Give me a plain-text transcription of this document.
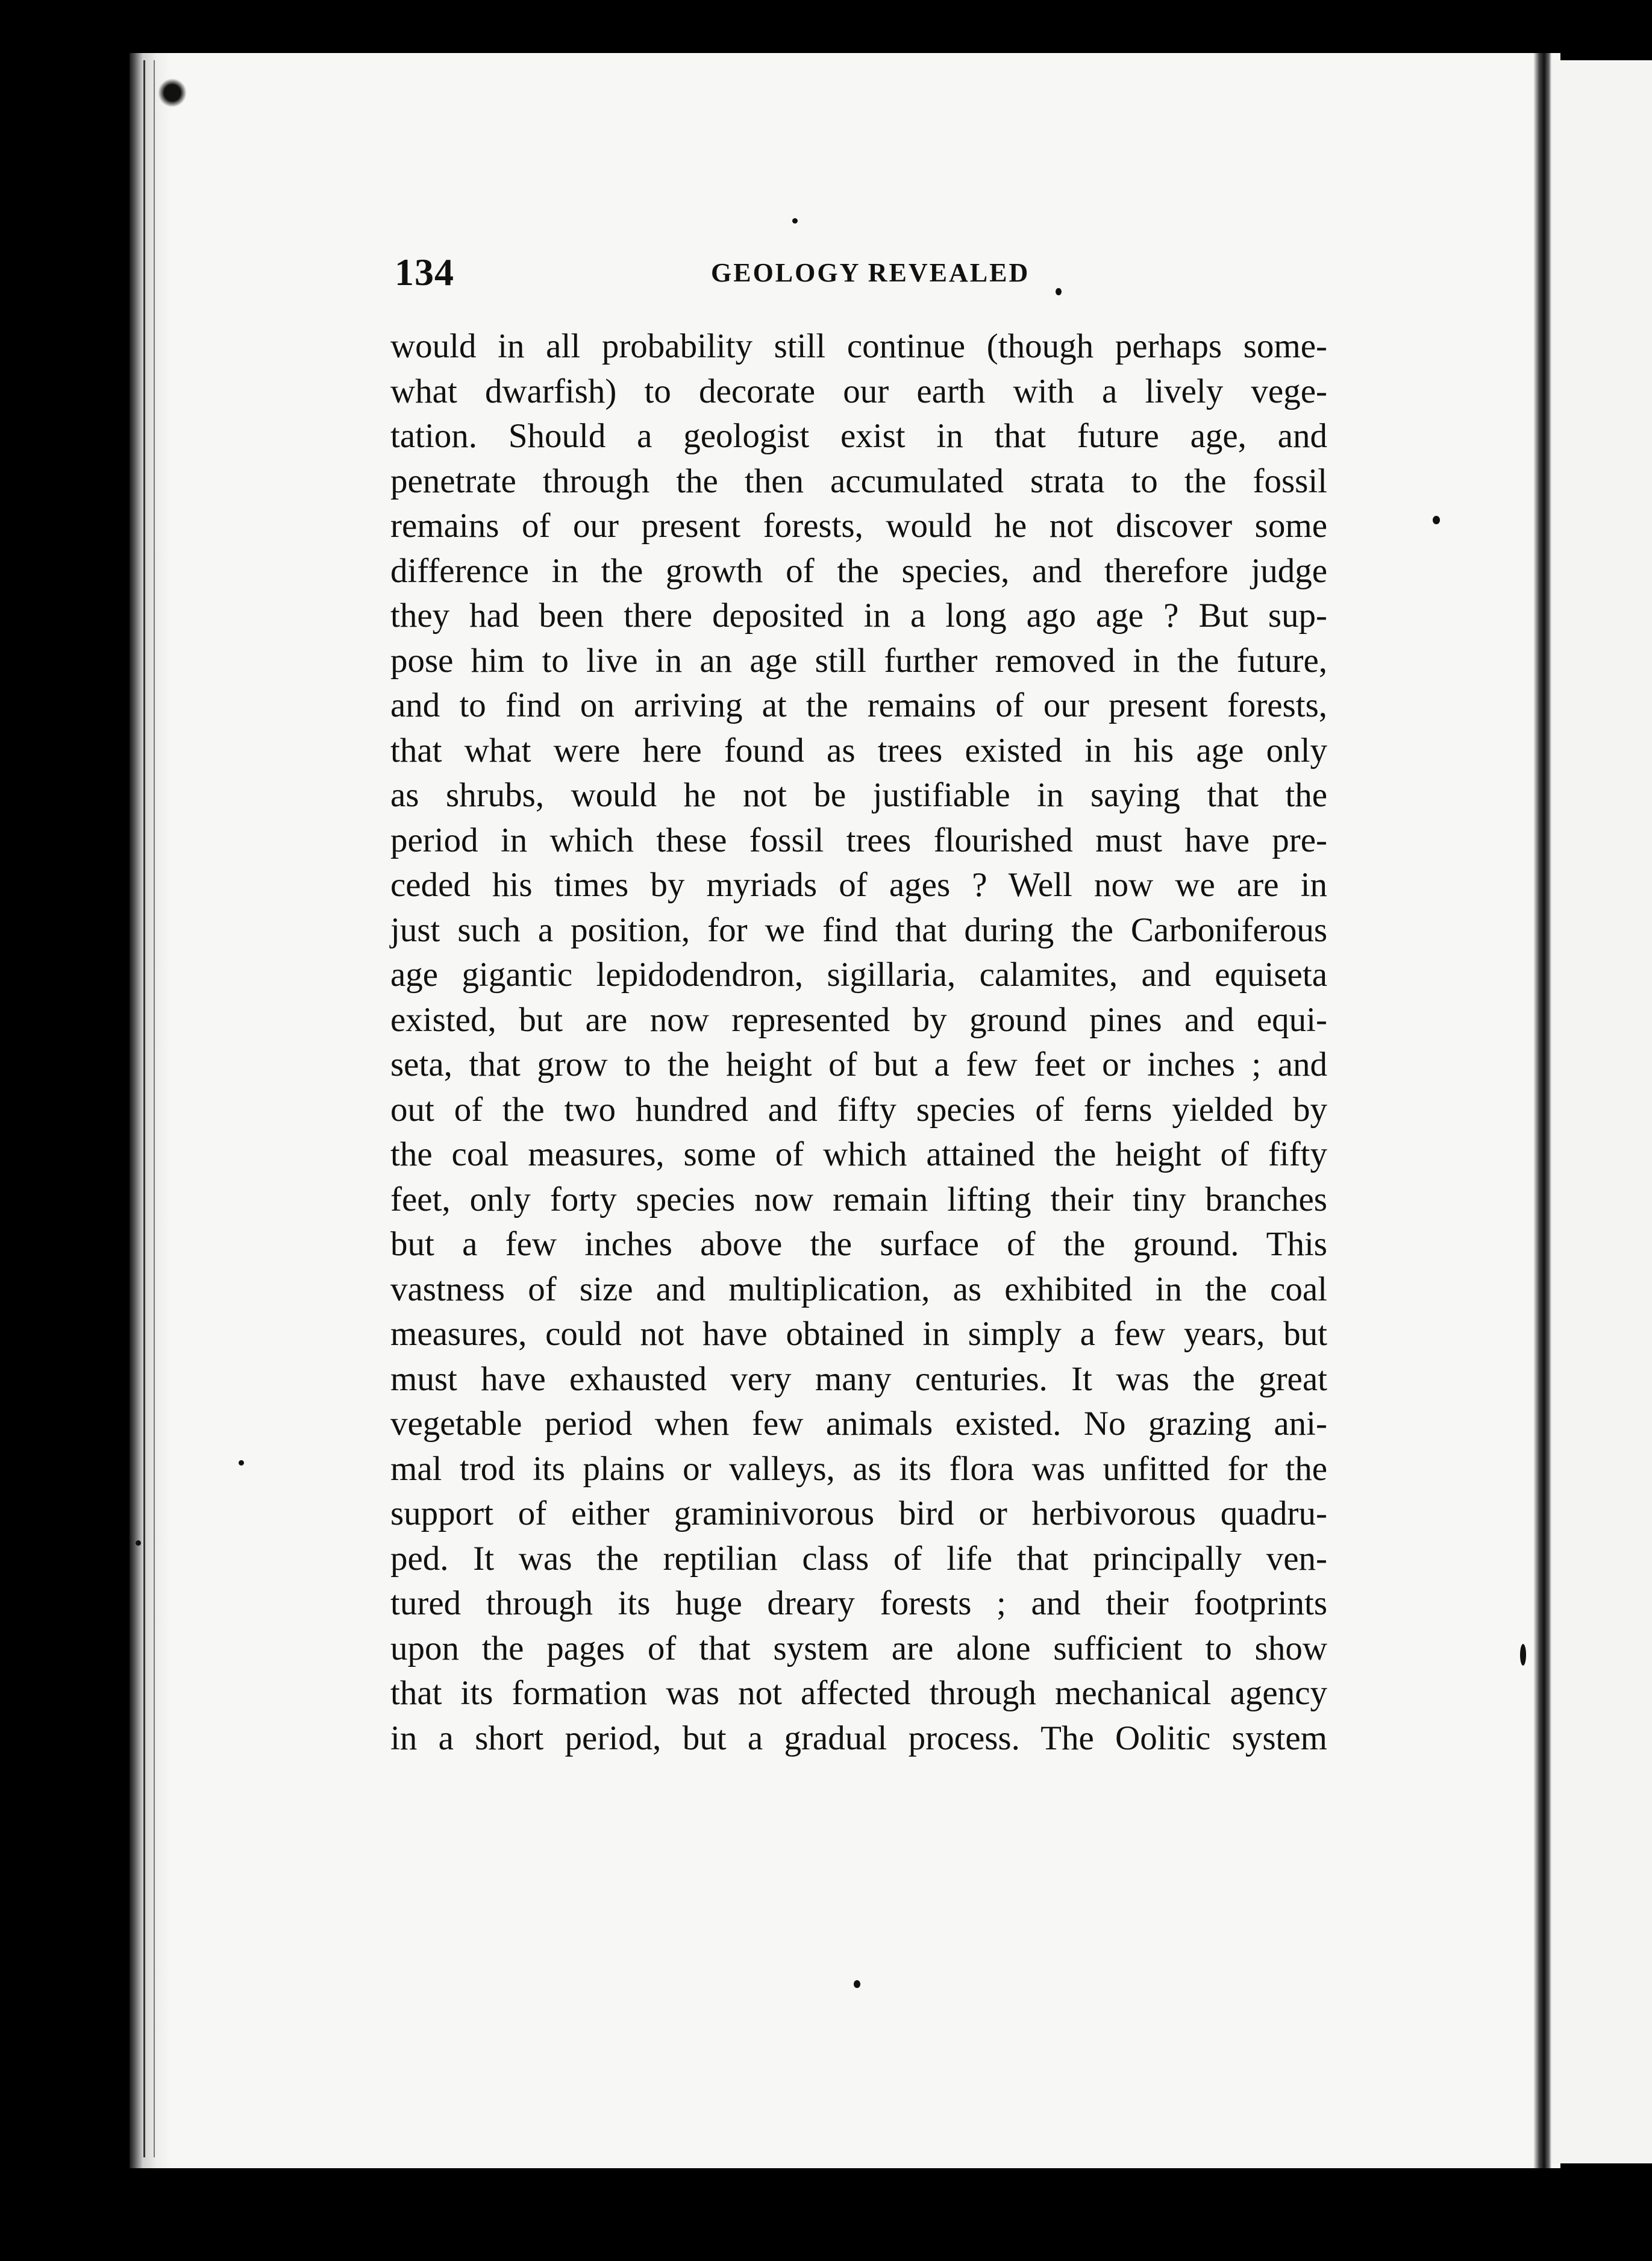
134	GEOLOGY REVEALED
would in all probability still continue (though perhaps some-
what dwarfish) to decorate our earth with a lively vege-
tation. Should a geologist exist in that future age, and
penetrate through the then accumulated strata to the fossil
remains of our present forests, would he not discover some
difference in the growth of the species, and therefore judge
they had been there deposited in a long ago age ? But sup-
pose him to live in an age still further removed in the future,
and to find on arriving at the remains of our present forests,
that what were here found as trees existed in his age only
as shrubs, would he not be justifiable in saying that the
period in which these fossil trees flourished must have pre-
ceded his times by myriads of ages ? Well now we are in
just such a position, for we find that during the Carboniferous
age gigantic lepidodendron, sigillaria, calamites, and equiseta
existed, but are now represented by ground pines and equi-
seta, that grow to the height of but a few feet or inches ; and
out of the two hundred and fifty species of ferns yielded by
the coal measures, some of which attained the height of fifty
feet, only forty species now remain lifting their tiny branches
but a few inches above the surface of the ground. This
vastness of size and multiplication, as exhibited in the coal
measures, could not have obtained in simply a few years, but
must have exhausted very many centuries. It was the great
vegetable period when few animals existed. No grazing ani-
mal trod its plains or valleys, as its flora was unfitted for the
support of either graminivorous bird or herbivorous quadru-
ped. It was the reptilian class of life that principally ven-
tured through its huge dreary forests ; and their footprints
upon the pages of that system are alone sufficient to show
that its formation was not affected through mechanical agency
in a short period, but a gradual process. The Oolitic system
